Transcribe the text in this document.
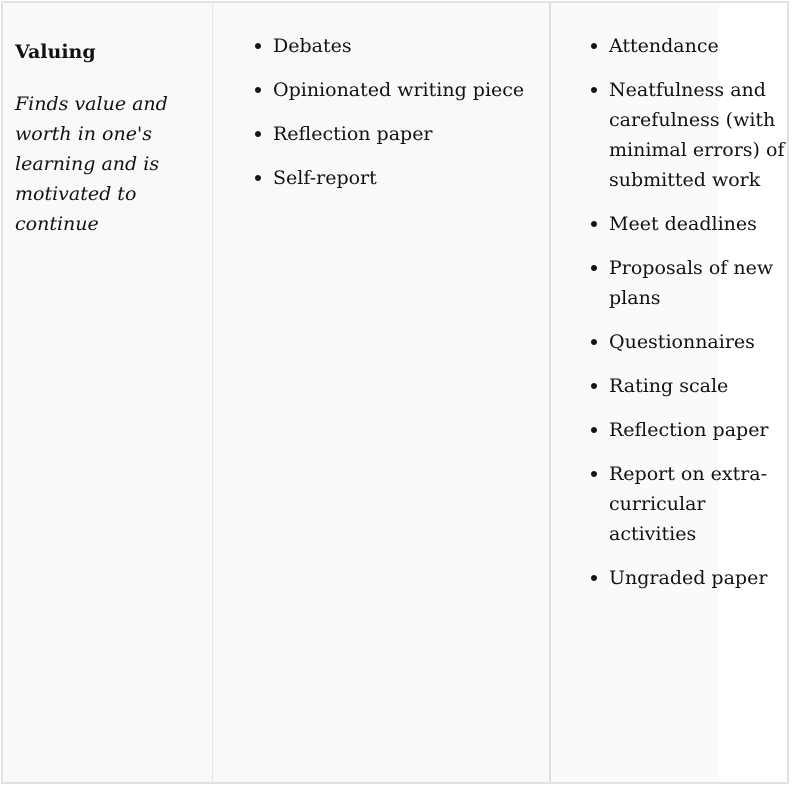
Valuing

Finds value and worth in one's learning and is motivated to continue

Debates
Opinionated writing piece
Reflection paper
Self-report
Attendance
Neatfulness and carefulness (with minimal errors) of submitted work
Meet deadlines
Proposals of new plans
Questionnaires
Rating scale
Reflection paper
Report on extra-curricular activities
Ungraded paper
